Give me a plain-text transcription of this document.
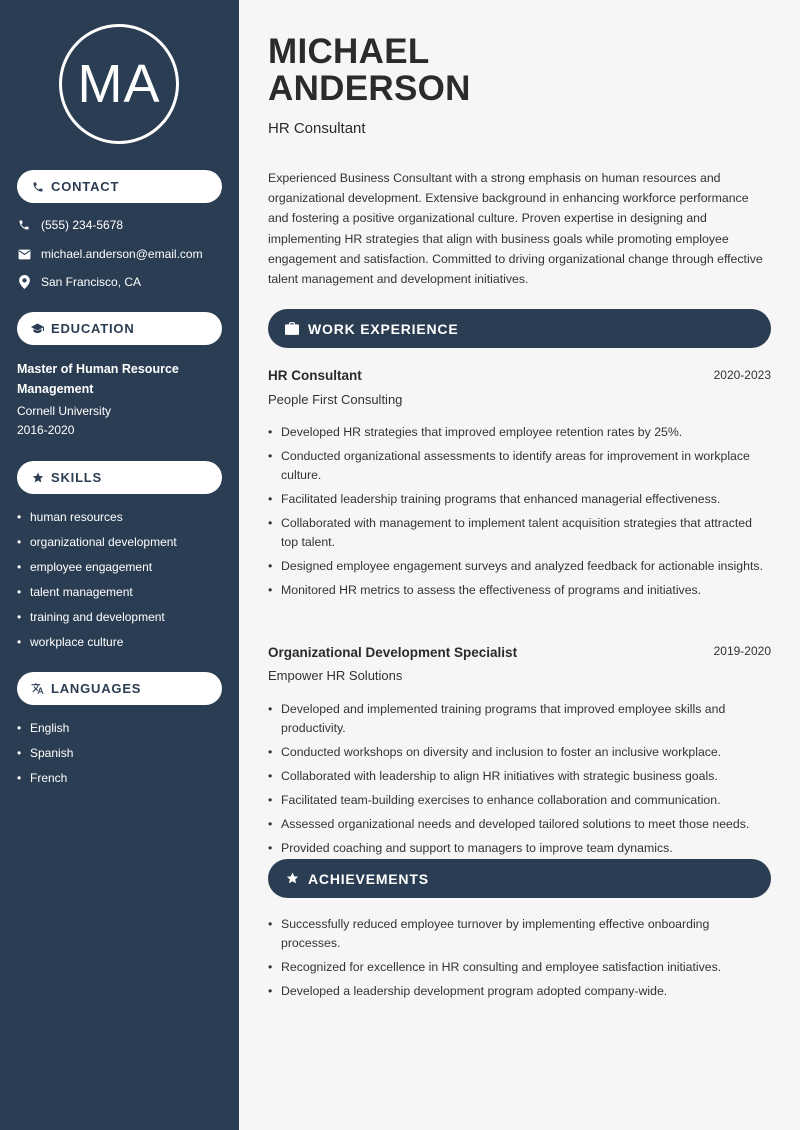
MA
CONTACT
(555) 234-5678
michael.anderson@email.com
San Francisco, CA
EDUCATION
Master of Human Resource Management
Cornell University
2016-2020
SKILLS
• human resources
• organizational development
• employee engagement
• talent management
• training and development
• workplace culture
LANGUAGES
• English
• Spanish
• French
MICHAEL
ANDERSON
HR Consultant

Experienced Business Consultant with a strong emphasis on human resources and organizational development. Extensive background in enhancing workforce performance and fostering a positive organizational culture. Proven expertise in designing and implementing HR strategies that align with business goals while promoting employee engagement and satisfaction. Committed to driving organizational change through effective talent management and development initiatives.

WORK EXPERIENCE
HR Consultant	2020-2023
People First Consulting
• Developed HR strategies that improved employee retention rates by 25%.
• Conducted organizational assessments to identify areas for improvement in workplace culture.
• Facilitated leadership training programs that enhanced managerial effectiveness.
• Collaborated with management to implement talent acquisition strategies that attracted top talent.
• Designed employee engagement surveys and analyzed feedback for actionable insights.
• Monitored HR metrics to assess the effectiveness of programs and initiatives.
Organizational Development Specialist	2019-2020
Empower HR Solutions
• Developed and implemented training programs that improved employee skills and productivity.
• Conducted workshops on diversity and inclusion to foster an inclusive workplace.
• Collaborated with leadership to align HR initiatives with strategic business goals.
• Facilitated team-building exercises to enhance collaboration and communication.
• Assessed organizational needs and developed tailored solutions to meet those needs.
• Provided coaching and support to managers to improve team dynamics.
ACHIEVEMENTS
• Successfully reduced employee turnover by implementing effective onboarding processes.
• Recognized for excellence in HR consulting and employee satisfaction initiatives.
• Developed a leadership development program adopted company-wide.
